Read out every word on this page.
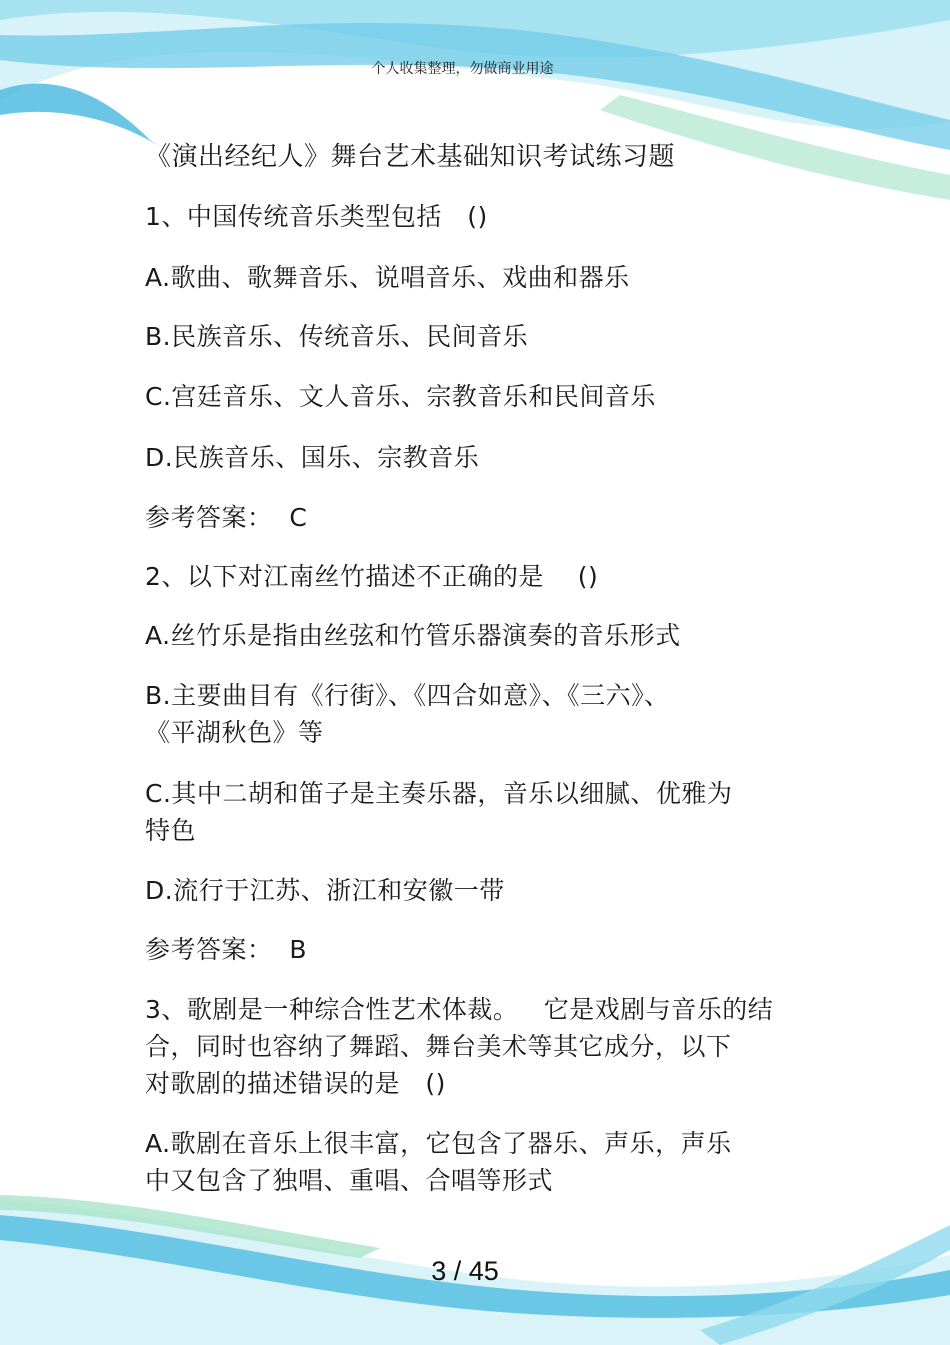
个人收集整理，勿做商业用途
《演出经纪人》舞台艺术基础知识考试练习题
1、中国传统音乐类型包括   ()
A.歌曲、歌舞音乐、说唱音乐、戏曲和器乐
B.民族音乐、传统音乐、民间音乐
C.宫廷音乐、文人音乐、宗教音乐和民间音乐
D.民族音乐、国乐、宗教音乐
参考答案：  C
2、以下对江南丝竹描述不正确的是    ()
A.丝竹乐是指由丝弦和竹管乐器演奏的音乐形式
B.主要曲目有《行街》、《四合如意》、《三六》、
《平湖秋色》等
C.其中二胡和笛子是主奏乐器，音乐以细腻、优雅为
特色
D.流行于江苏、浙江和安徽一带
参考答案：  B
3、歌剧是一种综合性艺术体裁。   它是戏剧与音乐的结
合，同时也容纳了舞蹈、舞台美术等其它成分，以下
对歌剧的描述错误的是   ()
A.歌剧在音乐上很丰富，它包含了器乐、声乐，声乐
中又包含了独唱、重唱、合唱等形式
3 / 45
